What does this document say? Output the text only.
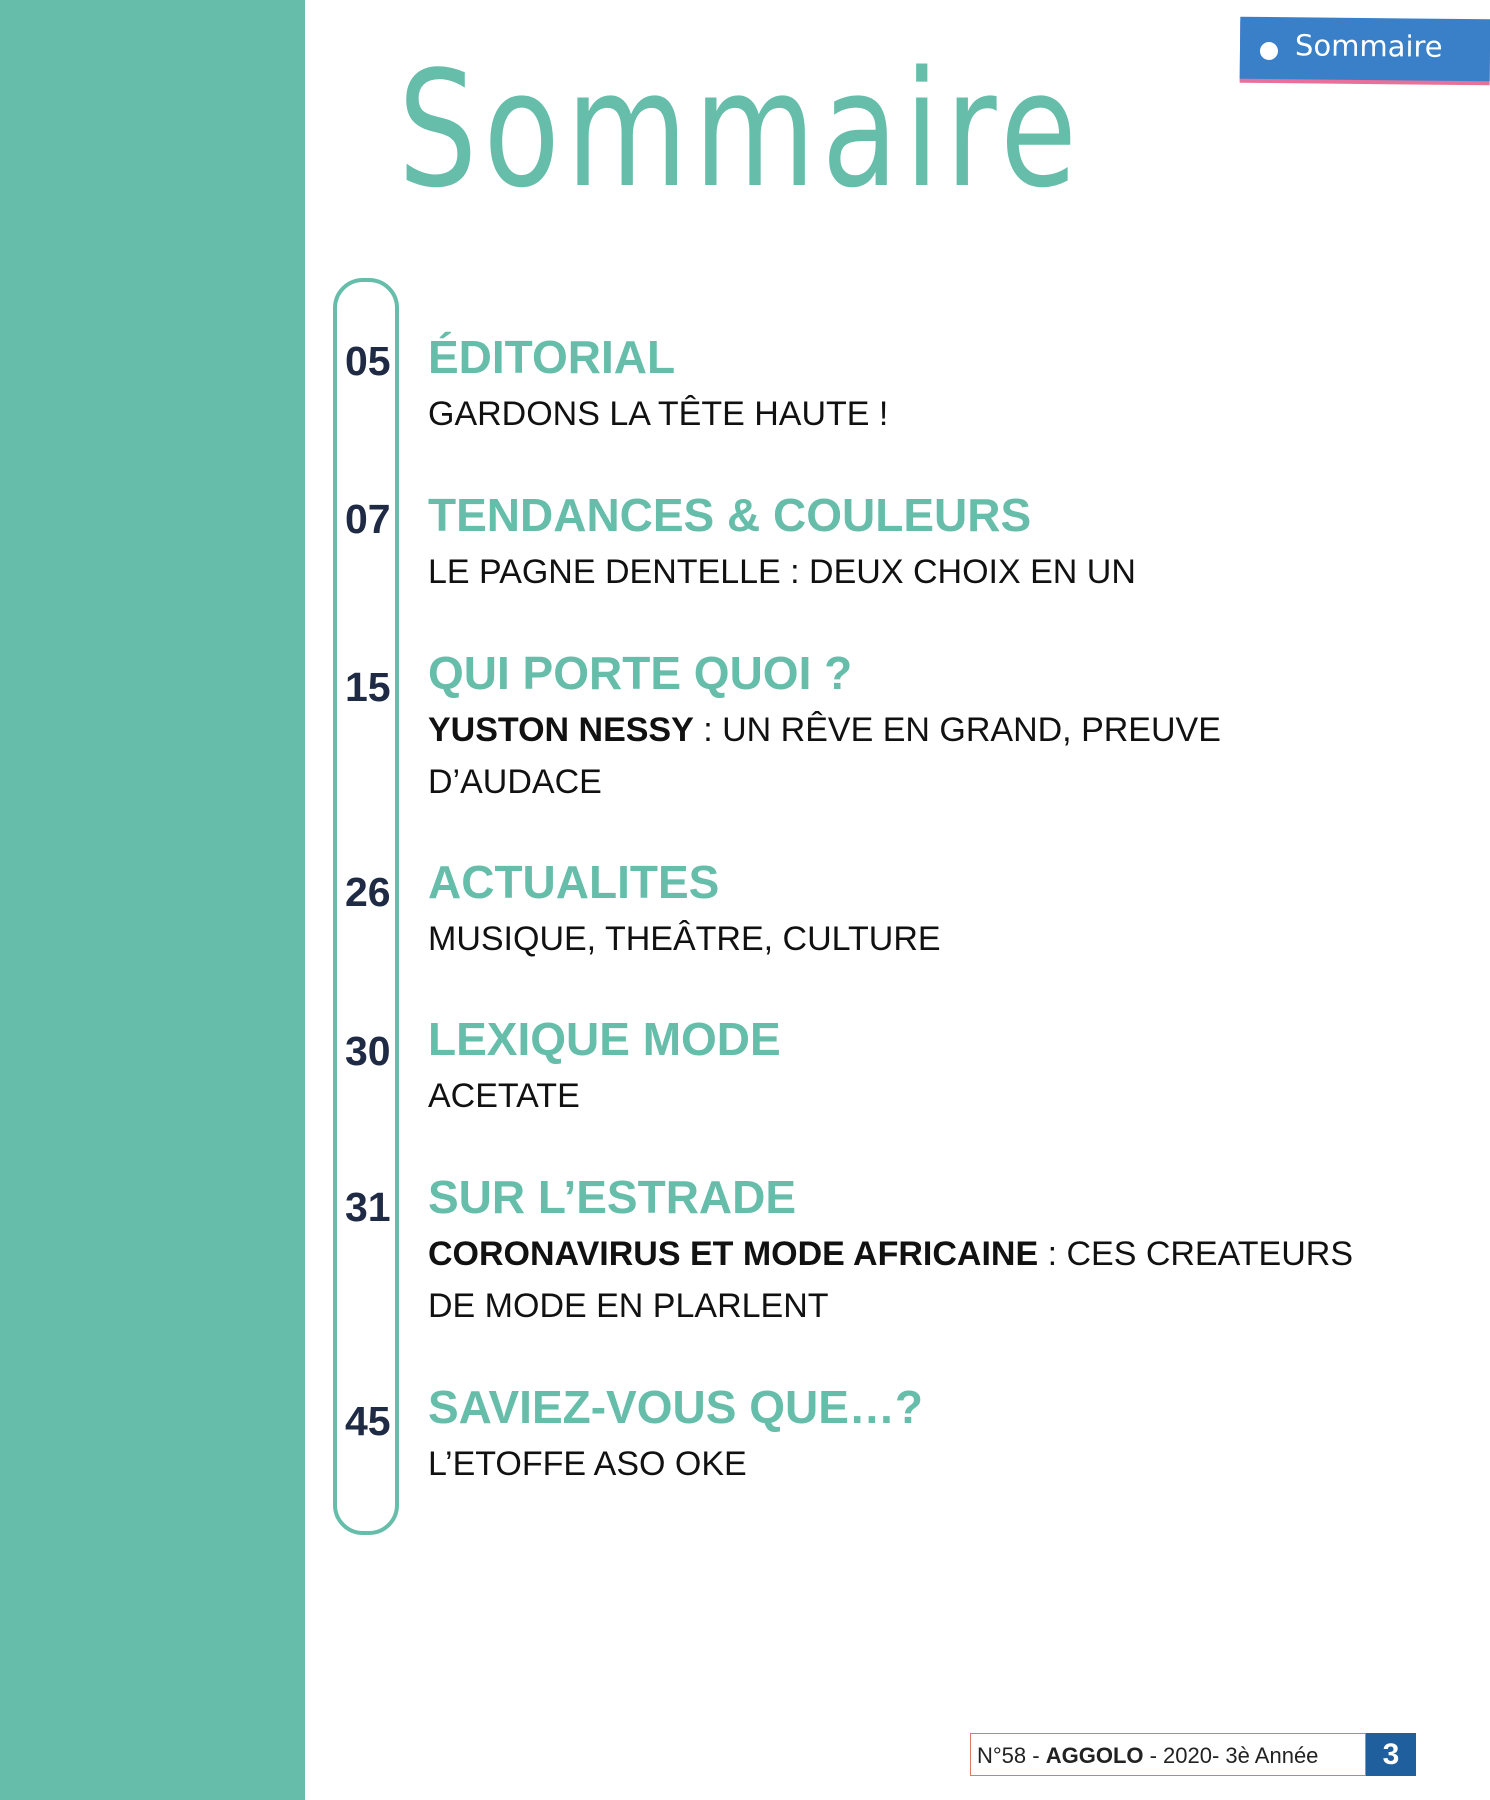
Sommaire
Sommaire
05 ÉDITORIAL
GARDONS LA TÊTE HAUTE !
07 TENDANCES & COULEURS
LE PAGNE DENTELLE : DEUX CHOIX EN UN
15 QUI PORTE QUOI ?
YUSTON NESSY : UN RÊVE EN GRAND, PREUVE D’AUDACE
26 ACTUALITES
MUSIQUE, THEÂTRE, CULTURE
30 LEXIQUE MODE
ACETATE
31 SUR L’ESTRADE
CORONAVIRUS ET MODE AFRICAINE : CES CREATEURS DE MODE EN PLARLENT
45 SAVIEZ-VOUS QUE…?
L’ETOFFE ASO OKE
N°58 - AGGOLO - 2020- 3è Année	3
